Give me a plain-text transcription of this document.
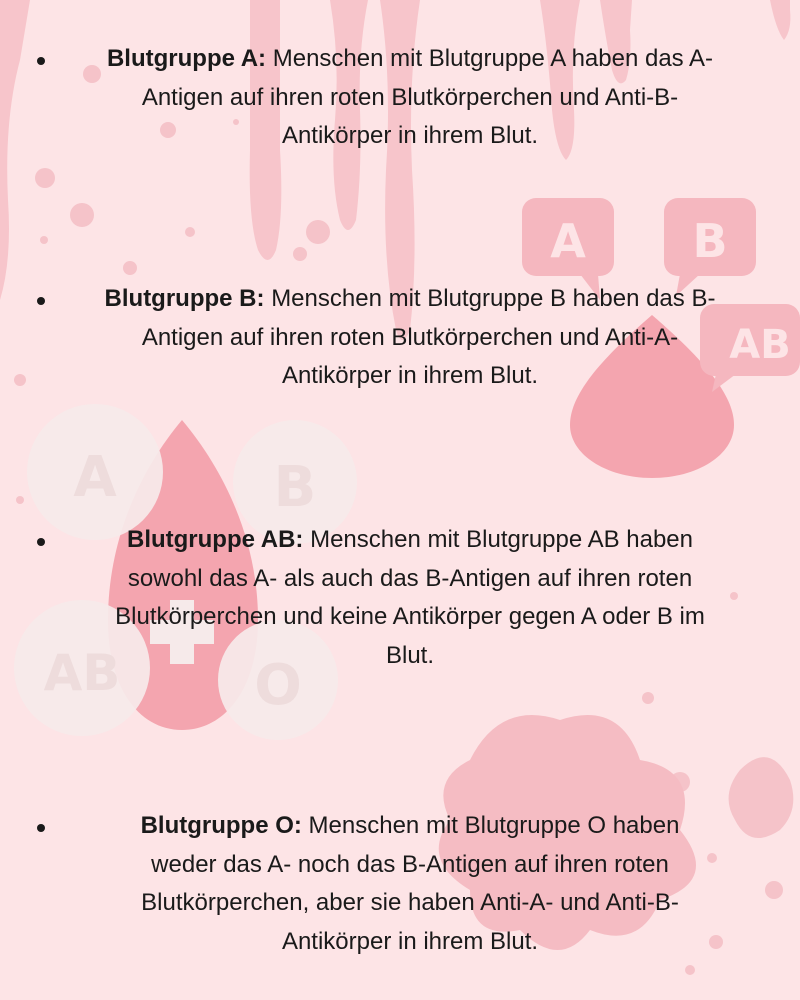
A B
AB
A	B
AB O

Blutgruppe A: Menschen mit Blutgruppe A haben das A-
Antigen auf ihren roten Blutkörperchen und Anti-B-
Antikörper in ihrem Blut.

Blutgruppe B: Menschen mit Blutgruppe B haben das B-
Antigen auf ihren roten Blutkörperchen und Anti-A-
Antikörper in ihrem Blut.

Blutgruppe AB: Menschen mit Blutgruppe AB haben
sowohl das A- als auch das B-Antigen auf ihren roten
Blutkörperchen und keine Antikörper gegen A oder B im
Blut.

Blutgruppe O: Menschen mit Blutgruppe O haben
weder das A- noch das B-Antigen auf ihren roten
Blutkörperchen, aber sie haben Anti-A- und Anti-B-
Antikörper in ihrem Blut.
